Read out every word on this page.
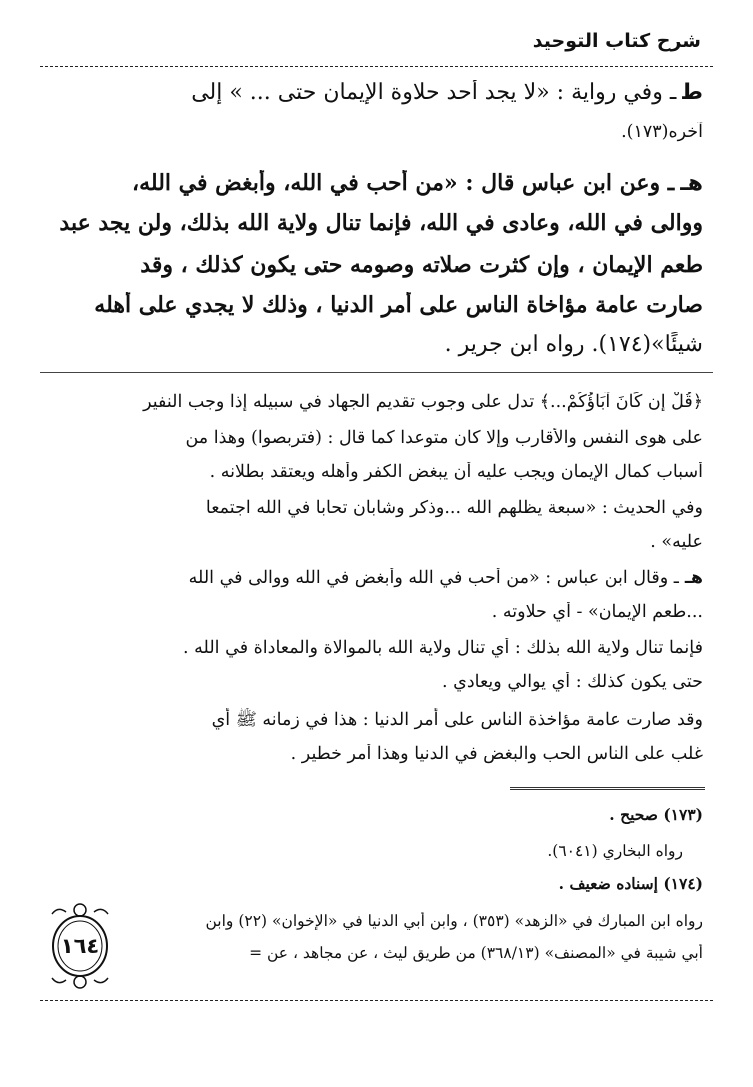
شرح كتاب التوحيد
طـ وفي رواية : «لا يجد أحد حلاوة الإيمان حتى ... » إلى
آخره(١٧٣).
هــ وعن ابن عباس قال : «من أحب في الله، وأبغض في الله،
ووالى في الله، وعادى في الله، فإنما تنال ولاية الله بذلك، ولن يجد عبد
طعم الإيمان ، وإن كثرت صلاته وصومه حتى يكون كذلك ، وقد
صارت عامة مؤاخاة الناس على أمر الدنيا ، وذلك لا يجدي على أهله
شيئًا»(١٧٤). رواه ابن جرير .
﴿قُلْ إِن كَانَ آبَاؤُكُمْ...﴾ تدل على وجوب تقديم الجهاد في سبيله إذا وجب النفير
على هوى النفس والأقارب وإلا كان متوعدا كما قال : (فتربصوا) وهذا من
أسباب كمال الإيمان ويجب عليه أن يبغض الكفر وأهله ويعتقد بطلانه .
وفي الحديث : «سبعة يظلهم الله ...وذكر وشابان تحابا في الله اجتمعا
عليه» .
هــ وقال ابن عباس : «من أحب في الله وأبغض في الله ووالى في الله
...طعم الإيمان» - أي حلاوته .
فإنما تنال ولاية الله بذلك : أي تنال ولاية الله بالموالاة والمعاداة في الله .
حتى يكون كذلك : أي يوالي ويعادي .
وقد صارت عامة مؤاخذة الناس على أمر الدنيا : هذا في زمانه ﷺ أي
غلب على الناس الحب والبغض في الدنيا وهذا أمر خطير .
(١٧٣) صحيح .
رواه البخاري (٦٠٤١).
(١٧٤) إسناده ضعيف .
رواه ابن المبارك في «الزهد» (٣٥٣) ، وابن أبي الدنيا في «الإخوان» (٢٢) وابن
أبي شيبة في «المصنف» (٣٦٨/١٣) من طريق ليث ، عن مجاهد ، عن =
١٦٤
